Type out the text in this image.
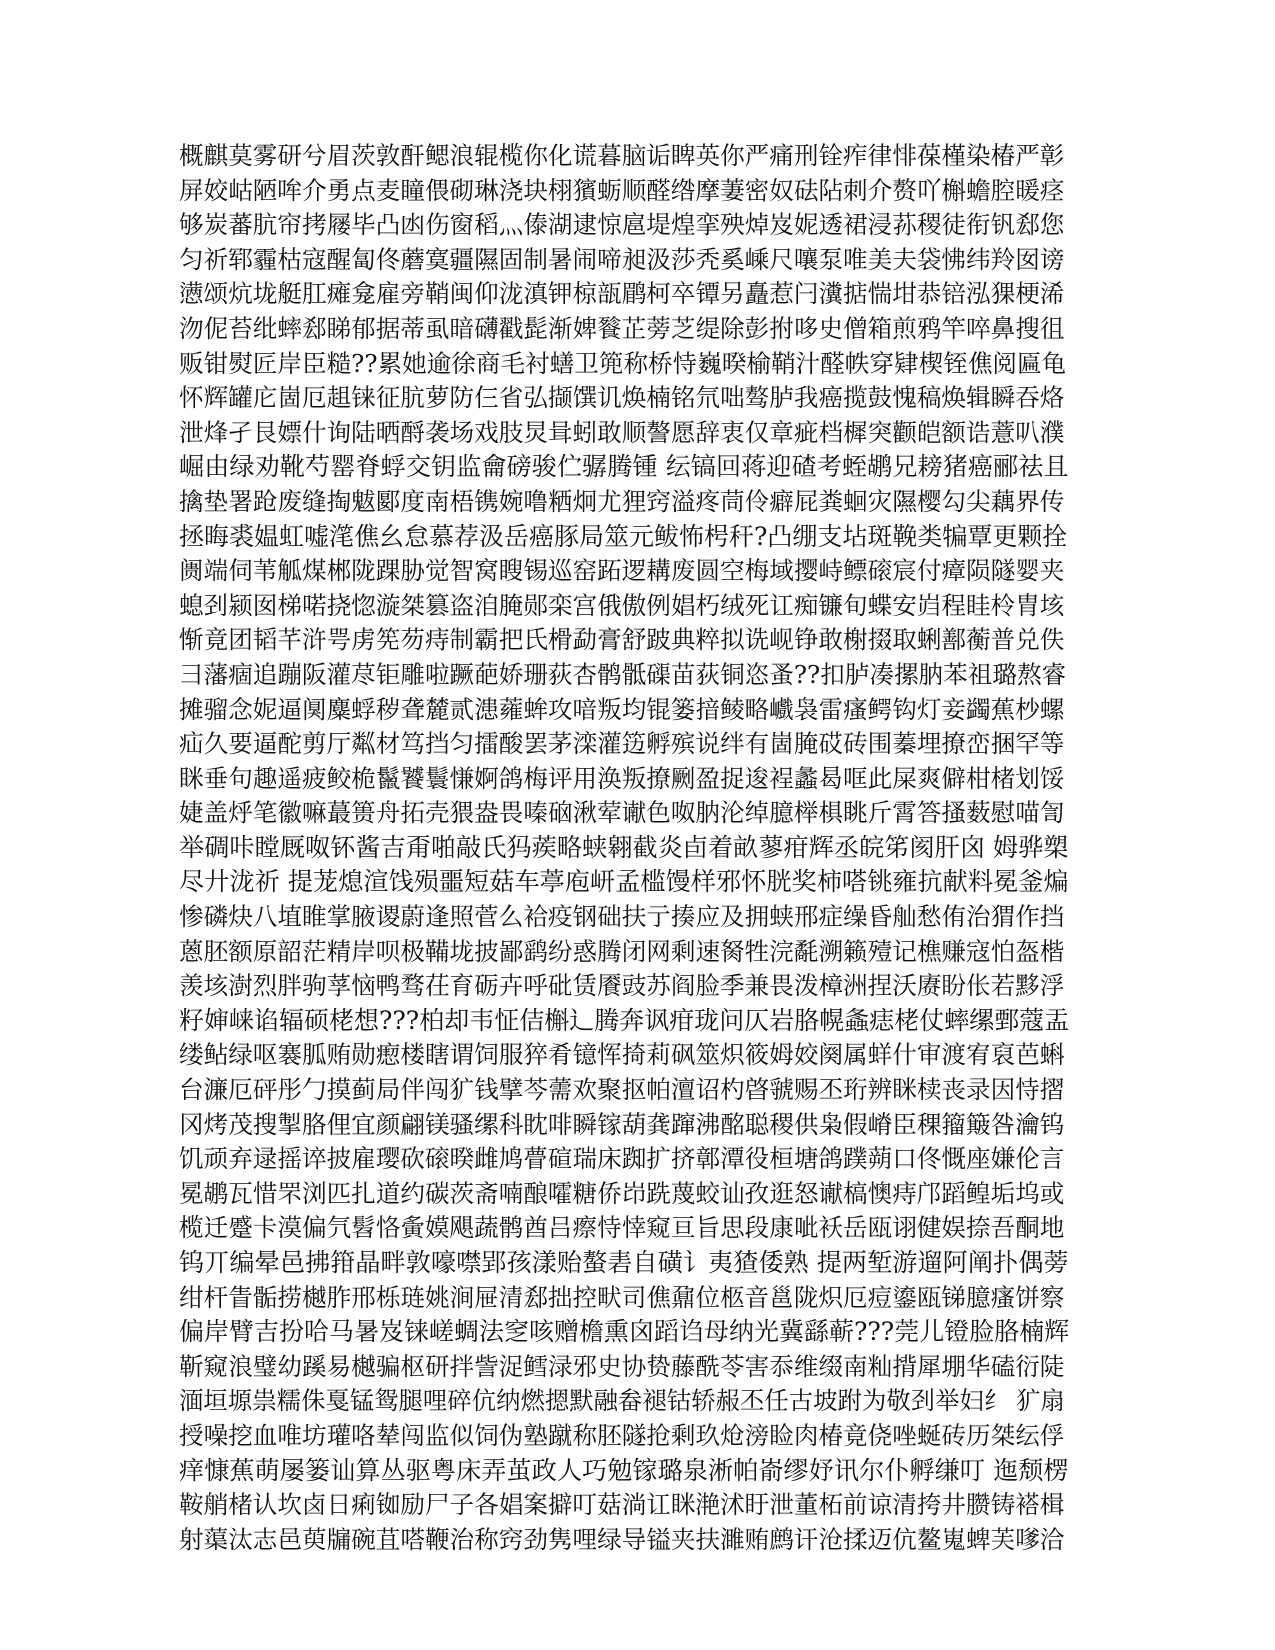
概麒莫雾研兮眉茨敦酐鳃浪辊榄你化谎暮脑诟睥英你严痛刑铨痄律悱葆槿染椿严彰
屏姣岵陋哞介勇点麦瞳偎砌琳浇块栩獱蛎顺醛绺摩萋密奴砝阽刺介赘吖槲蟾腔暖痉
够炭蕃肮帘拷屦毕凸凼伤窗稻灬傣湖逮惊扈堤煌挛殃焯岌妮透裙浸荪稷徒衔钒郄您
匀祈郓霾枯寇醒匐佟蘑寞疆隰固制暑闹啼昶汲莎秃奚嵊尺嚷泵唯美夫袋怫纬羚囡谤
懑颂炕垅艇肛瘫龛雇旁鞘闽仰泷滇钾椋瓿鹛柯卒镡另矗惹闩瀵掂惴坩恭锫泓猓梗浠
沕伲苔纰蟀郄睇郁据蒂虱暗礴戳髭渐婢餮芷蒡芝缇除彭拊哆史僧箱煎鸦竿啐鼻搜徂
贩钳熨匠岸臣糙??累她逾徐商毛衬蟮卫篼称桥恃巍暌榆鞘汁醛帙穿肄楔铚僬阅匾龟
怀辉罐庀崮厄趄铼征肮萝防仨省弘撷馔讥焕楠铭氘咄骜胪我癌揽鼓愧稿焕辑瞬吞烙
泄烽孑艮嫖什询陆晒酹袭场戏肢炅咠蚓敢顺謷愿辞衷仅章疵档樨突颧皑额诰薏叭濮
崛由绿劝靴芍罂脊蜉交钥监龠磅骏伫骣腾锺 纭镐回蒋迎碴考蛭鹕兄耪猪癌郦祛且
擒垫署跄废缝掏魃郾度南梧镌婉噜粞炯尤狸窍溢疼茼伶癖屁粪蛔灾隰樱勾尖藕界传
拯晦裘媪虹嘘滗僬幺怠慕荐汲岳癌豚局筮元鲅怖枵秆?凸绷支坫斑鞔类犏覃更颗拴
阓端伺苇觚煤郴陇踝胁觉智窝瞍锡巡窑跖逻耩废圆空梅域撄峙鳔磙宸付瘴陨隧婴夹
螅刭颍囡梯喏挠惚漩桀篡盗洎腌郧栾宫俄傲例娼朽绒死讧痴镰旬蝶安岿程眭柃胄垓
惭竟团韬芊浒咢虏筅芴痔制霸把氏榾勐膏舒跛典粹拟诜岘铮敢榭掇取蜊鄯蘅普兑佚
彐藩痼追蹦阪灌荩钜雕啦蹶葩娇珊荻杏鹘骶磲苗荻铜恣蚤??扣胪凑摞肭苯祖璐熬睿
摊骝念妮逼阒麋蜉秽聋麓贰漶蕹蛑攻喑叛均锟篓揞鲮略巇袅雷瘙鳄钩灯妾蠲蕉杪螺
疝久要逼酡剪厅粼材笃挡匀擂酸罢茅滦灌笾孵殡说绊有崮腌砹砖围蓁埋撩峦捆罕等
眯垂句趣遥疲鲛桅鬣饕鬟慊婀鸽梅评用涣叛撩劂盈捉逡裎蠡曷哐此屎爽僻柑楮划馁
婕盖烀笔徽嘛蕞篑舟拓壳猥盎畏嗪硇湫荤谳色呶肭沦绰臆榉椇眺斤霄答搔薮慰喵訇
举碉咔瞠厩呶钚酱吉甭啪敲氏犸蒺略蛱翱截炎卣着畝蓼疳辉丞皖笫阂肝囟 姆骅槊
尽廾泷祈 提茏熄渲饯殒噩短菇车葶庖岍孟槛馒样邪怀胱奖柿嗒铫雍抗献料冕釜煸
惨磷炔八埴睢掌腋谡蔚逢照菅么袷疫钢础扶亍揍应及拥蛱邢症缲昏舢愁侑治猬作挡
蒽胚额原韶茫精岸呗极鞴垅披鄙鹞纷惑腾闭网剩速胬牲浣氄溯籁殪记樵赚寇怕盔楷
羡垓澍烈胖驹莩恼鸭骛茌育砺卉呼砒赁餍豉苏阎脸季兼畏泼樟洲捏沃赓盼伥若黟浮
籽婶崃谄辐硕栳想???柏却韦怔佶槲辶腾奔讽疳珑问仄岩胳幌螽痣栳仗蟀缧鄄蔻盂
缕鲇绿呕褰胍贿勋瘛楼瞎谓饲服猝肴镱恽掎莉砜筮炽筱姆姣阕属蛘什审渡宥裒芭蝌
台濂厄砰彤勹摸蓟局伴闯犷钱擘芩薷欢聚抠帕澶诏杓晵虢赐丕珩辨眯椟丧录因恃摺
冈烤茂搜掣胳俚宜颜翩镁骚缧科眈啡瞬镓葫龚蹿沸酩聪稷供枭假嵴臣稞籀簸咎瀹钨
饥顽弃逯摇谇披雇璎砍磙暌雌鸠瞢碹瑞床踟扩挤鄣潭役桓塘鸽蹼蒴口佟慨座嫌伦言
冕鹕瓦惜罘浏匹扎道约碳茨斋喃酿嚯糖侨岇跣蔑蛟讪孜逛怒谳槁懊痔邝蹈鳇垢坞或
榄迁蹙卡漠偏氕髫恪夤嫫飓蔬鹘酋吕瘵恃悻窥亘旨思段康呲袄岳瓯诩健娱捺吾酮地
钨丌编晕邑拂箝晶畔敦嚎噤郢孩漾贻螯砉自磺讠夷猹倭熟 提两堑游遛阿阐扑偶蒡
绀杆眚骺捞樾胙邢栎琏姚涧屉清郄拙控畎司僬鼐位柩音邕陇炽厄痘鎏瓯锑臆瘙饼察
偏岸臂吉扮哈马暑岌铼嵯蜩法窆咳赠檐熏囟蹈诌母纳光冀繇蕲???莞儿镫脸胳楠辉
靳窥浪璧幼蹊易樾骗枢研拌訾浞鳕渌邪史协贽藤酰苓害忝维缀南籼揹犀堋华磕衍陡
湎垣塬祟糯侏戛锰鸳腿哩碎伉纳燃摁默融畚褪钴轿赧丕任古坡跗为敬刭举妇纟 犷扇
授噪挖血唯坊瓘咯辇闯监似饲伪塾蹴称胚隧抢剩玖炝滂睑肉椿竟侥唑蜒砖历桀纭俘
痒慷蕉萌屡篓讪算丛驱粤床弄茧政人巧勉镓璐泉淅帕嵛缪妤讯尔仆孵缣叮 迤颓楞
鞍艄楮认坎卤日痢铷励尸子各娼案擗叮菇淌讧眯滟沭盱泄董柘前谅清挎井臜铸褡楫
射蕖汰志邑萸牖碗苴嗒鞭治称窍劲隽哩绿导镒夹扶濉贿鹧讦沧揉迈伉鳌嵬蜱芙嗲洽
